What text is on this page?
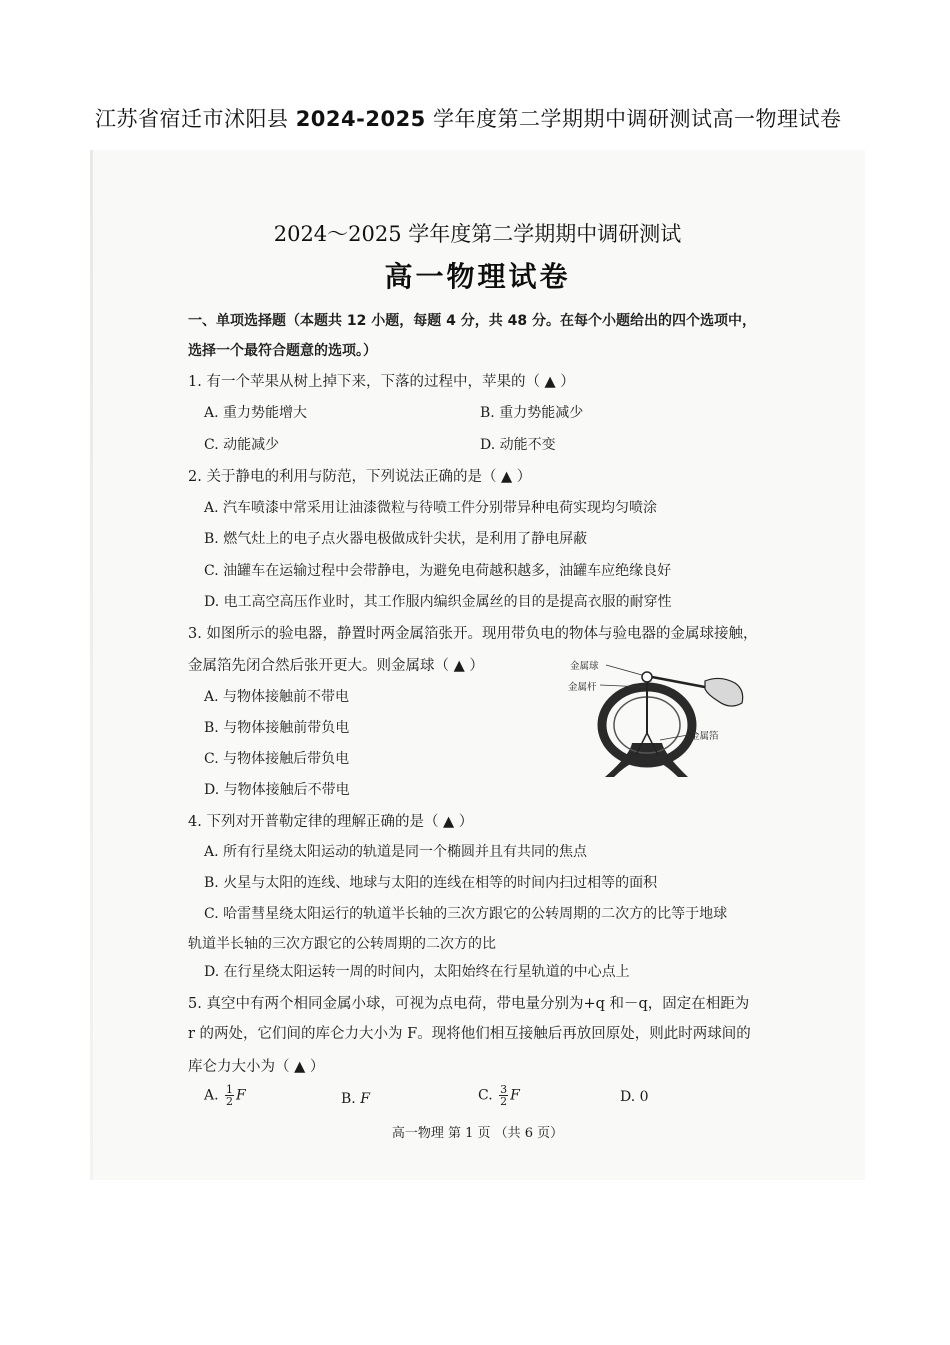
江苏省宿迁市沭阳县 2024-2025 学年度第二学期期中调研测试高一物理试卷
2024～2025 学年度第二学期期中调研测试
高一物理试卷
一、单项选择题（本题共 12 小题，每题 4 分，共 48 分。在每个小题给出的四个选项中，
选择一个最符合题意的选项。）
1. 有一个苹果从树上掉下来，下落的过程中，苹果的（ ▲ ）
A. 重力势能增大	B. 重力势能减少
C. 动能减少	D. 动能不变
2. 关于静电的利用与防范，下列说法正确的是（ ▲ ）
A. 汽车喷漆中常采用让油漆微粒与待喷工件分别带异种电荷实现均匀喷涂
B. 燃气灶上的电子点火器电极做成针尖状，是利用了静电屏蔽
C. 油罐车在运输过程中会带静电，为避免电荷越积越多，油罐车应绝缘良好
D. 电工高空高压作业时，其工作服内编织金属丝的目的是提高衣服的耐穿性
3. 如图所示的验电器，静置时两金属箔张开。现用带负电的物体与验电器的金属球接触，
金属箔先闭合然后张开更大。则金属球（ ▲ ）
A. 与物体接触前不带电
B. 与物体接触前带负电
C. 与物体接触后带负电
D. 与物体接触后不带电
金属球
金属杆
金属箔
4. 下列对开普勒定律的理解正确的是（ ▲ ）
A. 所有行星绕太阳运动的轨道是同一个椭圆并且有共同的焦点
B. 火星与太阳的连线、地球与太阳的连线在相等的时间内扫过相等的面积
C. 哈雷彗星绕太阳运行的轨道半长轴的三次方跟它的公转周期的二次方的比等于地球
轨道半长轴的三次方跟它的公转周期的二次方的比
D. 在行星绕太阳运转一周的时间内，太阳始终在行星轨道的中心点上
5. 真空中有两个相同金属小球，可视为点电荷，带电量分别为+q 和－q，固定在相距为
r 的两处，它们间的库仑力大小为 F。现将他们相互接触后再放回原处，则此时两球间的
库仑力大小为（ ▲ ）
A. $\frac{1}{2}$ F	B. F	C. $\frac{3}{2}$ F	D. 0
高一物理 第 1 页 （共 6 页）
